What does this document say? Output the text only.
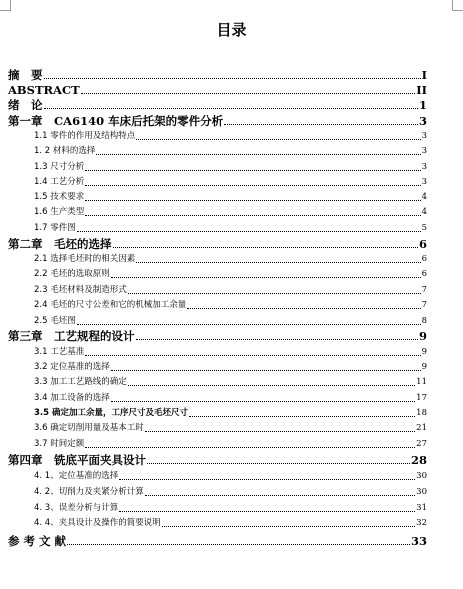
目录
摘　要	I
ABSTRACT	II
绪　论	1
第一章　CA6140 车床后托架的零件分析	3
1.1 零件的作用及结构特点	3
1. 2 材料的选择	3
1.3 尺寸分析	3
1.4 工艺分析	3
1.5 技术要求	4
1.6 生产类型	4
1.7 零件图	5
第二章　毛坯的选择	6
2.1 选择毛坯时的相关因素	6
2.2 毛坯的选取原则	6
2.3 毛坯材料及制造形式	7
2.4 毛坯的尺寸公差和它的机械加工余量	7
2.5 毛坯图	8
第三章　工艺规程的设计	9
3.1 工艺基准	9
3.2 定位基准的选择	9
3.3 加工工艺路线的确定	11
3.4 加工设备的选择	17
3.5 确定加工余量，工序尺寸及毛坯尺寸	18
3.6 确定切削用量及基本工时	21
3.7 时间定额	27
第四章　铣底平面夹具设计	28
4. 1、定位基准的选择	30
4. 2、切削力及夹紧分析计算	30
4. 3、误差分析与计算	31
4. 4、夹具设计及操作的简要说明	32
参 考 文 献	33
